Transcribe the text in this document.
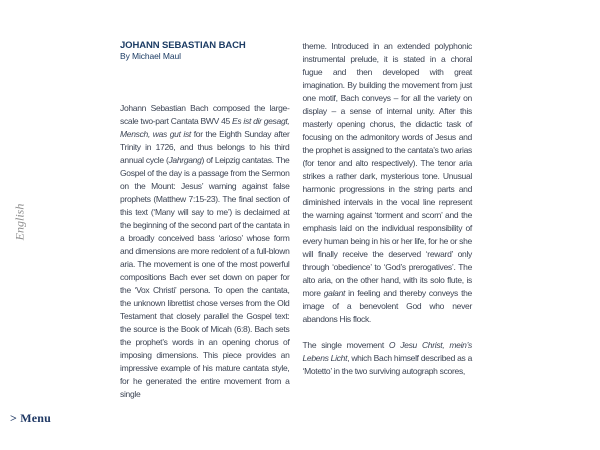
English
JOHANN SEBASTIAN BACH
By Michael Maul

Johann Sebastian Bach composed the large-scale two-part Cantata BWV 45 Es ist dir gesagt, Mensch, was gut ist for the Eighth Sunday after Trinity in 1726, and thus belongs to his third annual cycle (Jahrgang) of Leipzig cantatas. The Gospel of the day is a passage from the Sermon on the Mount: Jesus’ warning against false prophets (Matthew 7:15-23). The final section of this text (‘Many will say to me’) is declaimed at the beginning of the second part of the cantata in a broadly conceived bass ‘arioso’ whose form and dimensions are more redolent of a full-blown aria. The movement is one of the most powerful compositions Bach ever set down on paper for the ‘Vox Christi’ persona. To open the cantata, the unknown librettist chose verses from the Old Testament that closely parallel the Gospel text: the source is the Book of Micah (6:8). Bach sets the prophet’s words in an opening chorus of imposing dimensions. This piece provides an impressive example of his mature cantata style, for he generated the entire movement from a single

theme. Introduced in an extended polyphonic instrumental prelude, it is stated in a choral fugue and then developed with great imagination. By building the movement from just one motif, Bach conveys – for all the variety on display – a sense of internal unity. After this masterly opening chorus, the didactic task of focusing on the admonitory words of Jesus and the prophet is assigned to the cantata’s two arias (for tenor and alto respectively). The tenor aria strikes a rather dark, mysterious tone. Unusual harmonic progressions in the string parts and diminished intervals in the vocal line represent the warning against ‘torment and scorn’ and the emphasis laid on the individual responsibility of every human being in his or her life, for he or she will finally receive the deserved ‘reward’ only through ‘obedience’ to ‘God’s prerogatives’. The alto aria, on the other hand, with its solo flute, is more galant in feeling and thereby conveys the image of a benevolent God who never abandons His flock.

The single movement O Jesu Christ, mein’s Lebens Licht, which Bach himself described as a ‘Motetto’ in the two surviving autograph scores,

> Menu
